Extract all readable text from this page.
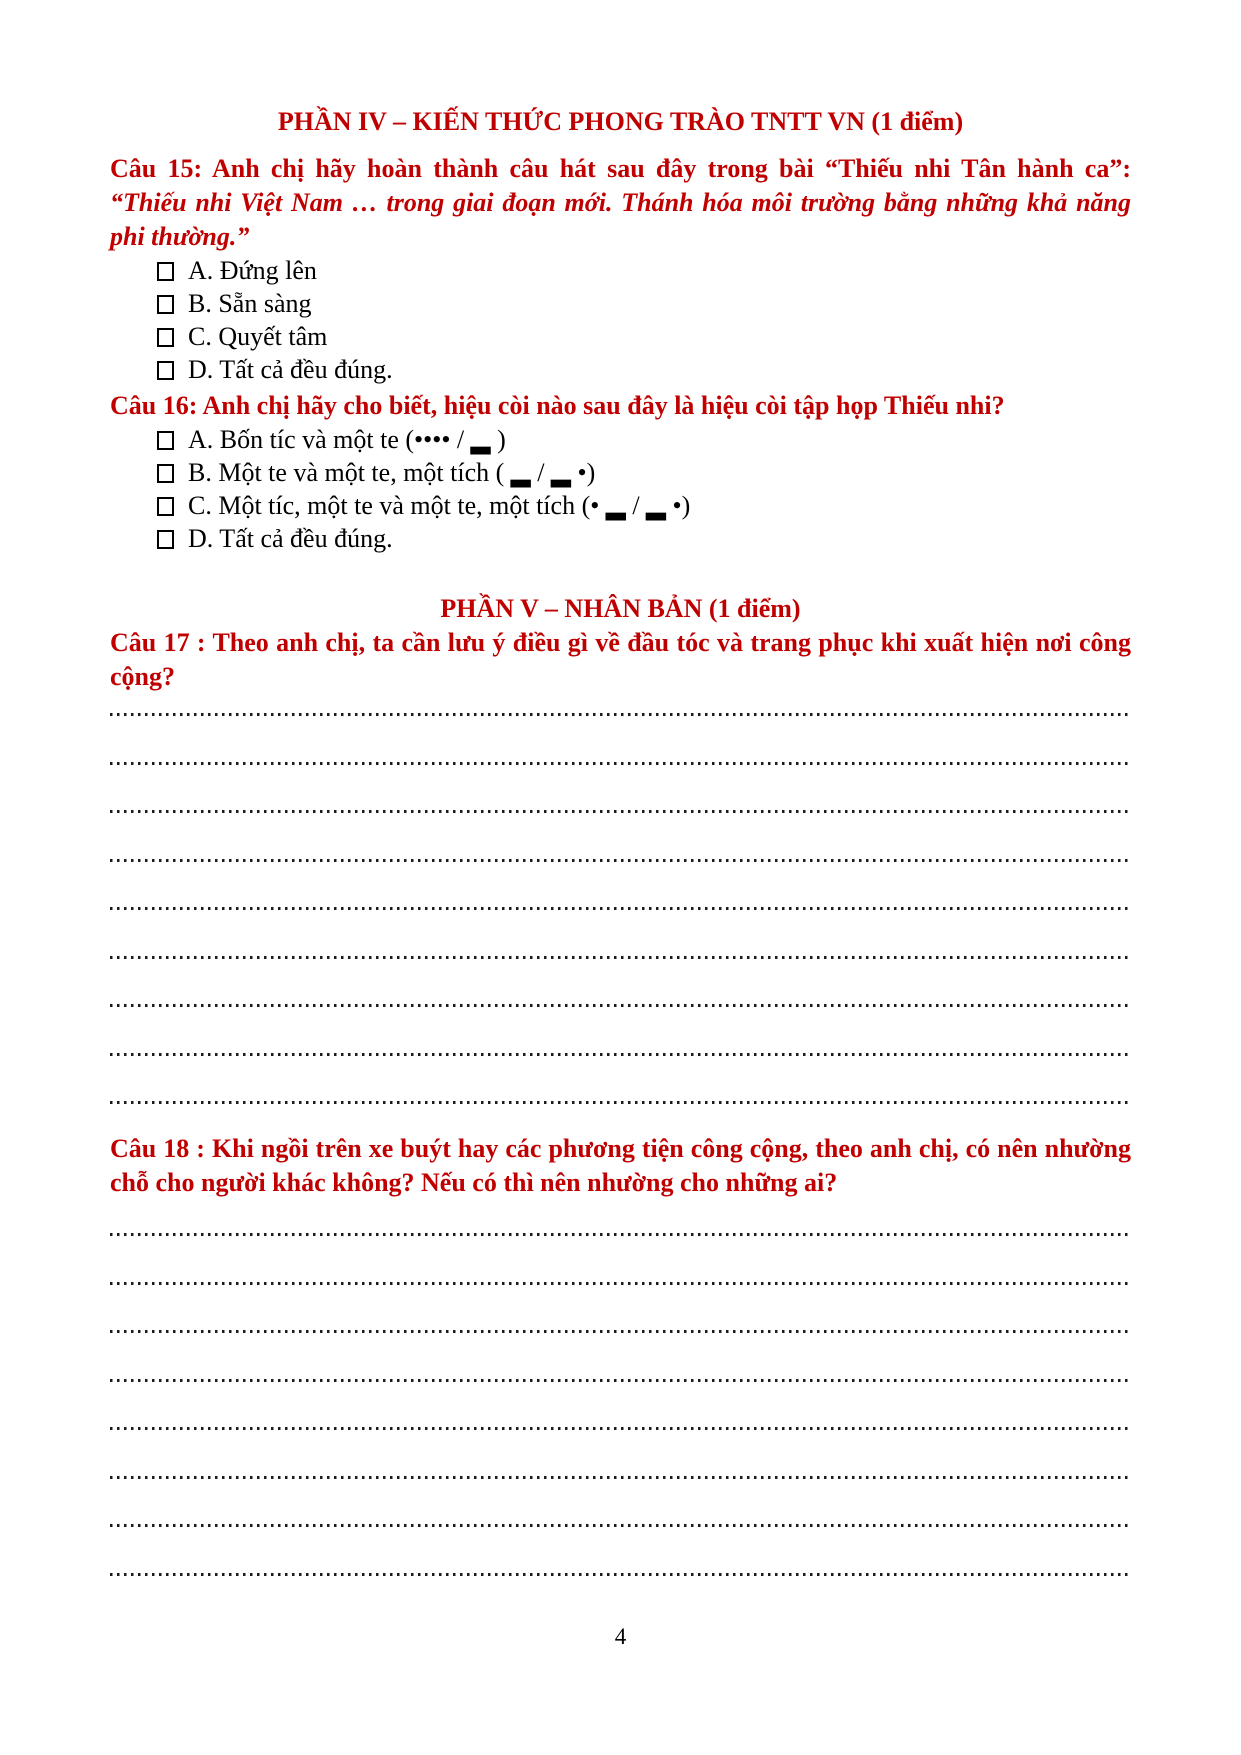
PHẦN IV – KIẾN THỨC PHONG TRÀO TNTT VN (1 điểm)

Câu 15: Anh chị hãy hoàn thành câu hát sau đây trong bài “Thiếu nhi Tân hành ca”: “Thiếu nhi Việt Nam … trong giai đoạn mới. Thánh hóa môi trường bằng những khả năng phi thường.”

A. Đứng lên
B. Sẵn sàng
C. Quyết tâm
D. Tất cả đều đúng.

Câu 16: Anh chị hãy cho biết, hiệu còi nào sau đây là hiệu còi tập họp Thiếu nhi?

A. Bốn tíc và một te (•••• / ▂ )
B. Một te và một te, một tích ( ▂ / ▂ •)
C. Một tíc, một te và một te, một tích (• ▂ / ▂ •)
D. Tất cả đều đúng.
PHẦN V – NHÂN BẢN (1 điểm)

Câu 17 : Theo anh chị, ta cần lưu ý điều gì về đầu tóc và trang phục khi xuất hiện nơi công cộng?

Câu 18 : Khi ngồi trên xe buýt hay các phương tiện công cộng, theo anh chị, có nên nhường chỗ cho người khác không? Nếu có thì nên nhường cho những ai?

4
